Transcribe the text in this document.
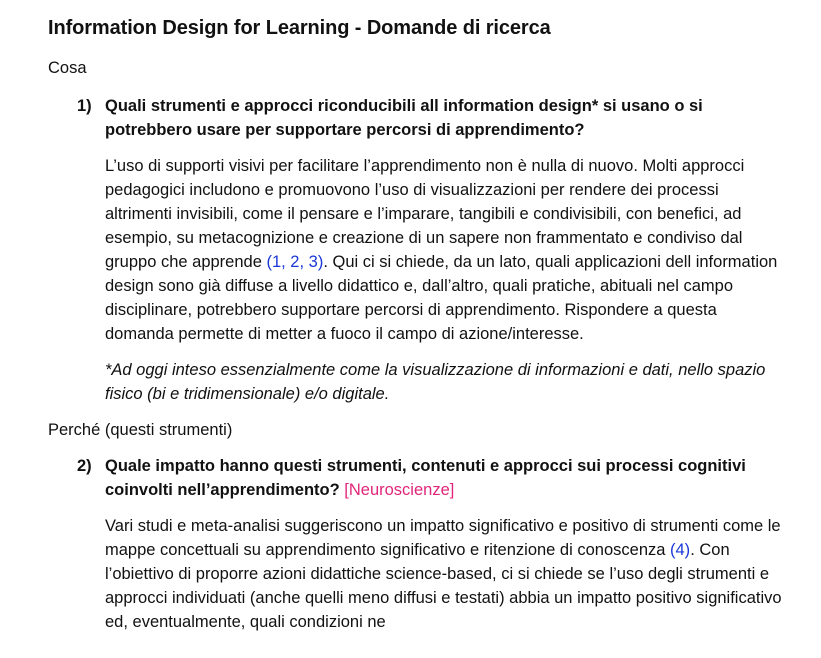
Information Design for Learning - Domande di ricerca

Cosa

1) Quali strumenti e approcci riconducibili all information design* si usano o si potrebbero usare per supportare percorsi di apprendimento?

L’uso di supporti visivi per facilitare l’apprendimento non è nulla di nuovo. Molti approcci pedagogici includono e promuovono l’uso di visualizzazioni per rendere dei processi altrimenti invisibili, come il pensare e l’imparare, tangibili e condivisibili, con benefici, ad esempio, su metacognizione e creazione di un sapere non frammentato e condiviso dal gruppo che apprende (1, 2, 3). Qui ci si chiede, da un lato, quali applicazioni dell information design sono già diffuse a livello didattico e, dall’altro, quali pratiche, abituali nel campo disciplinare, potrebbero supportare percorsi di apprendimento. Rispondere a questa domanda permette di metter a fuoco il campo di azione/interesse.

*Ad oggi inteso essenzialmente come la visualizzazione di informazioni e dati, nello spazio fisico (bi e tridimensionale) e/o digitale.

Perché (questi strumenti)

2) Quale impatto hanno questi strumenti, contenuti e approcci sui processi cognitivi coinvolti nell’apprendimento? [Neuroscienze]

Vari studi e meta-analisi suggeriscono un impatto significativo e positivo di strumenti come le mappe concettuali su apprendimento significativo e ritenzione di conoscenza (4). Con l’obiettivo di proporre azioni didattiche science-based, ci si chiede se l’uso degli strumenti e approcci individuati (anche quelli meno diffusi e testati) abbia un impatto positivo significativo ed, eventualmente, quali condizioni ne
